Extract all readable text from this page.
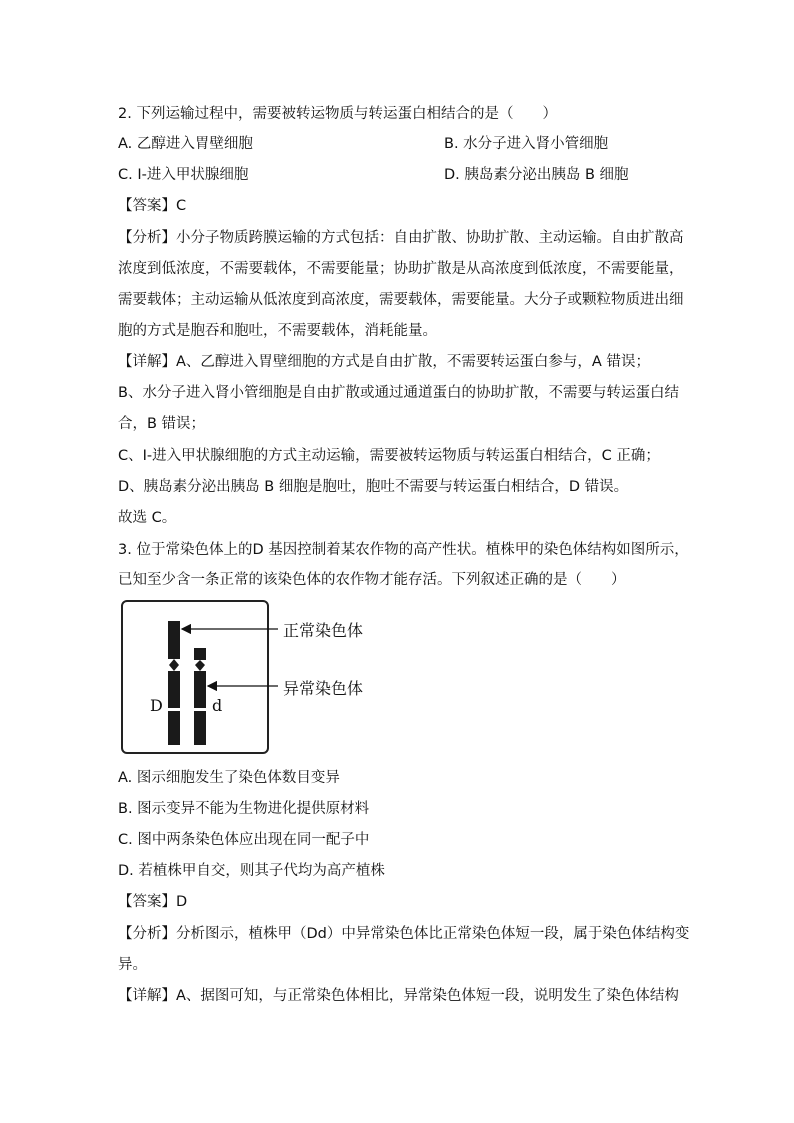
2. 下列运输过程中，需要被转运物质与转运蛋白相结合的是（　　）
A. 乙醇进入胃壁细胞	B. 水分子进入肾小管细胞
C. I-进入甲状腺细胞	D. 胰岛素分泌出胰岛 B 细胞
【答案】C
【分析】小分子物质跨膜运输的方式包括：自由扩散、协助扩散、主动运输。自由扩散高
浓度到低浓度，不需要载体，不需要能量；协助扩散是从高浓度到低浓度，不需要能量，
需要载体；主动运输从低浓度到高浓度，需要载体，需要能量。大分子或颗粒物质进出细
胞的方式是胞吞和胞吐，不需要载体，消耗能量。
【详解】A、乙醇进入胃壁细胞的方式是自由扩散，不需要转运蛋白参与，A 错误；
B、水分子进入肾小管细胞是自由扩散或通过通道蛋白的协助扩散，不需要与转运蛋白结
合，B 错误；
C、I-进入甲状腺细胞的方式主动运输，需要被转运物质与转运蛋白相结合，C 正确；
D、胰岛素分泌出胰岛 B 细胞是胞吐，胞吐不需要与转运蛋白相结合，D 错误。
故选 C。
3. 位于常染色体上的D 基因控制着某农作物的高产性状。植株甲的染色体结构如图所示，
已知至少含一条正常的该染色体的农作物才能存活。下列叙述正确的是（　　）
D	d
正常染色体
异常染色体
A. 图示细胞发生了染色体数目变异
B. 图示变异不能为生物进化提供原材料
C. 图中两条染色体应出现在同一配子中
D. 若植株甲自交，则其子代均为高产植株
【答案】D
【分析】分析图示，植株甲（Dd）中异常染色体比正常染色体短一段，属于染色体结构变
异。
【详解】A、据图可知，与正常染色体相比，异常染色体短一段，说明发生了染色体结构
